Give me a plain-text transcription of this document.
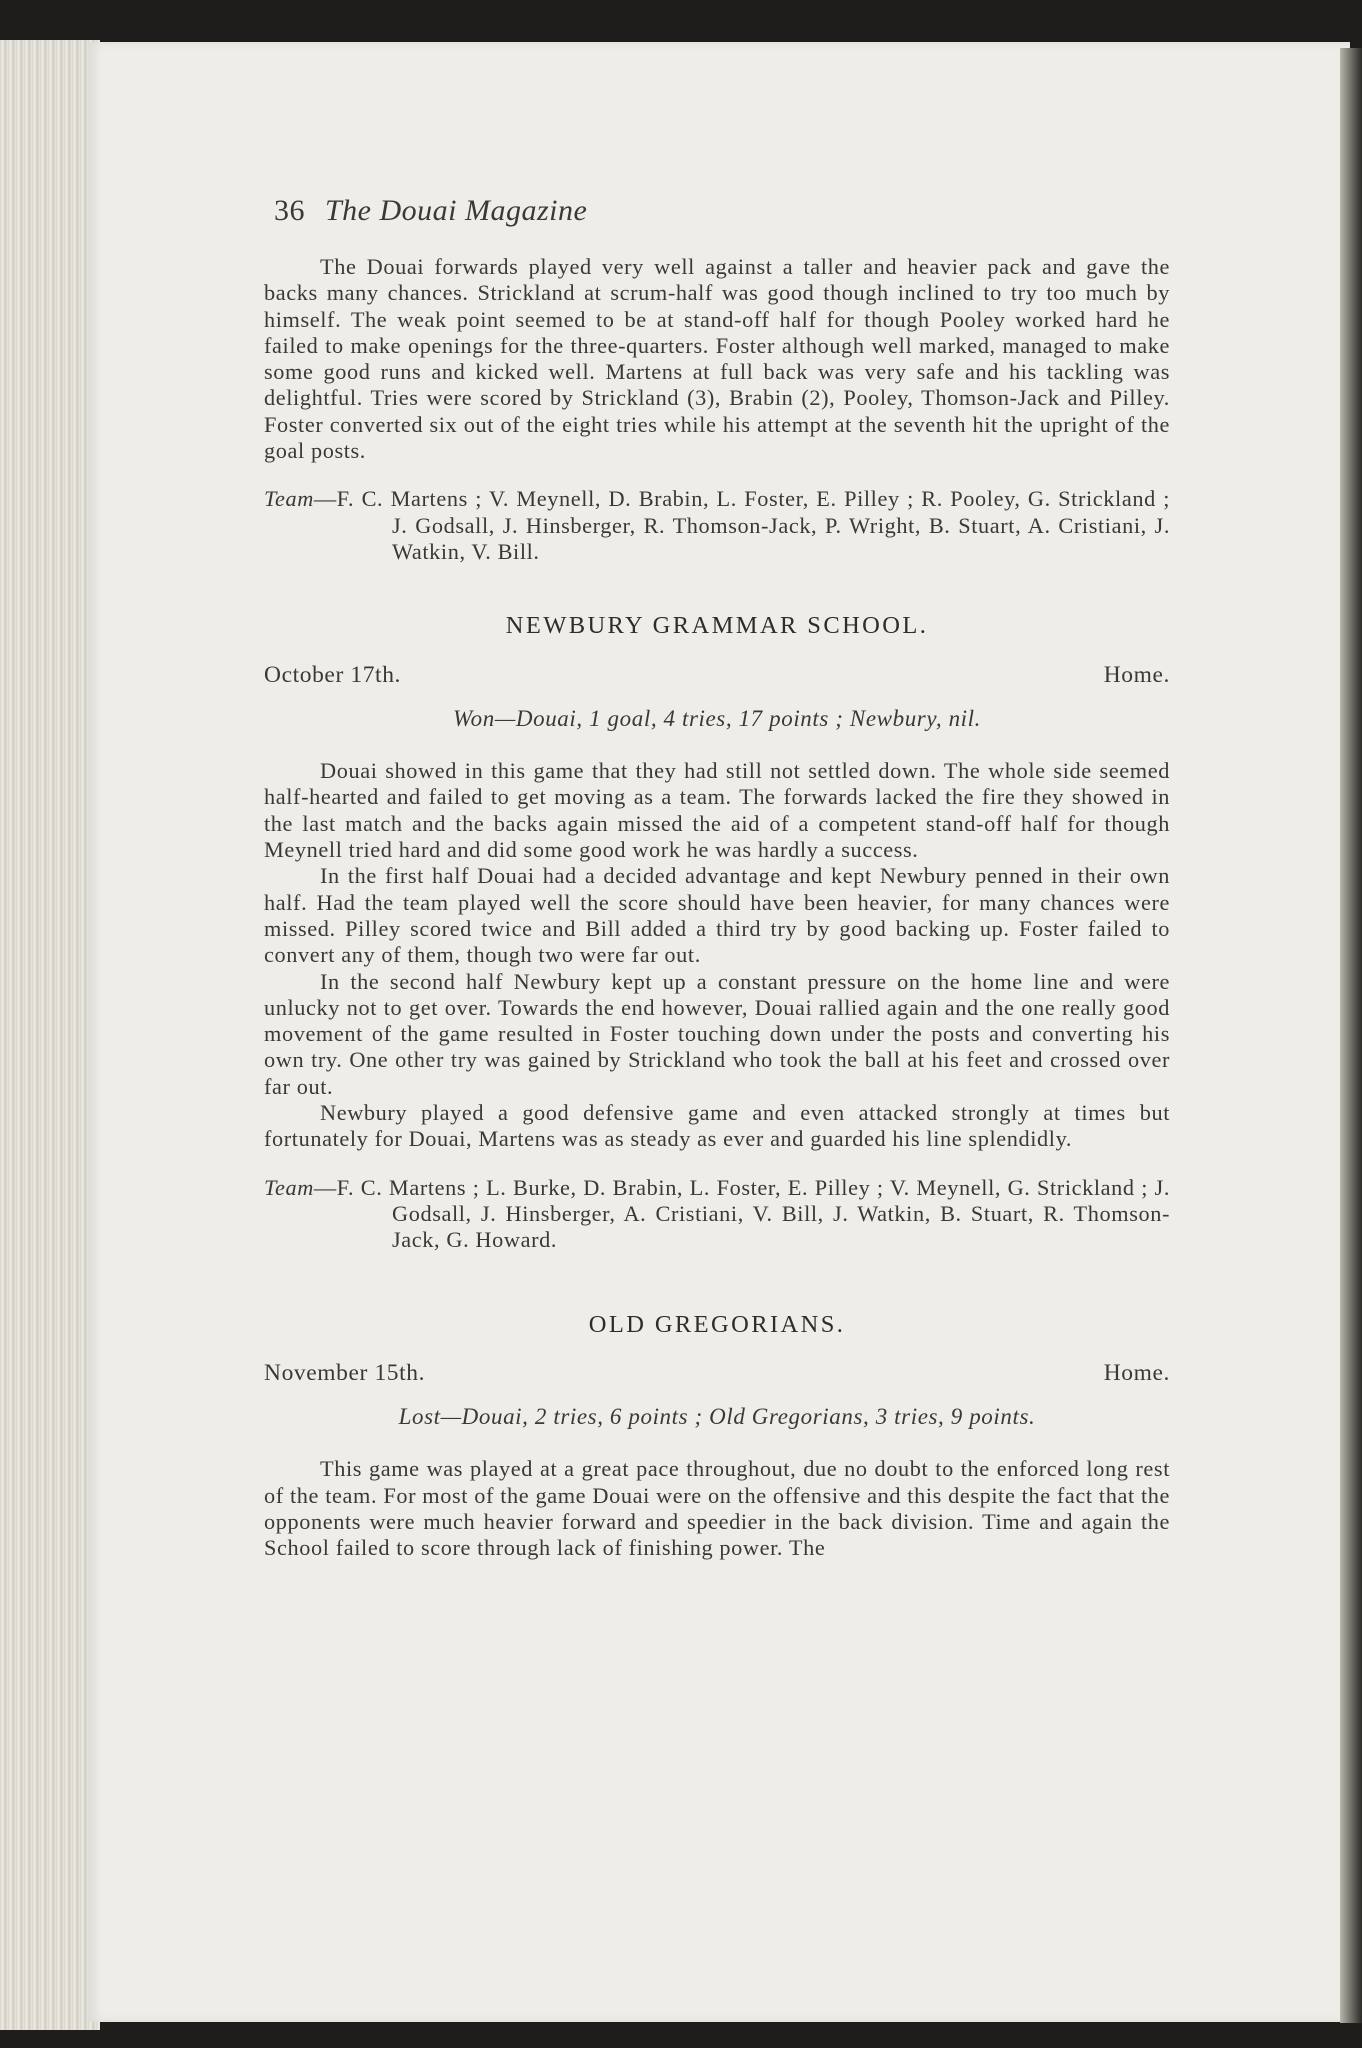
36 The Douai Magazine

The Douai forwards played very well against a taller and heavier pack and gave the backs many chances. Strickland at scrum-half was good though inclined to try too much by himself. The weak point seemed to be at stand-off half for though Pooley worked hard he failed to make openings for the three-quarters. Foster although well marked, managed to make some good runs and kicked well. Martens at full back was very safe and his tackling was delightful. Tries were scored by Strickland (3), Brabin (2), Pooley, Thomson-Jack and Pilley. Foster converted six out of the eight tries while his attempt at the seventh hit the upright of the goal posts.

Team—F. C. Martens ; V. Meynell, D. Brabin, L. Foster, E. Pilley ; R. Pooley, G. Strickland ; J. Godsall, J. Hinsberger, R. Thomson-Jack, P. Wright, B. Stuart, A. Cristiani, J. Watkin, V. Bill.
NEWBURY GRAMMAR SCHOOL.
October 17th.	Home.
Won—Douai, 1 goal, 4 tries, 17 points ; Newbury, nil.

Douai showed in this game that they had still not settled down. The whole side seemed half-hearted and failed to get moving as a team. The forwards lacked the fire they showed in the last match and the backs again missed the aid of a competent stand-off half for though Meynell tried hard and did some good work he was hardly a success.

In the first half Douai had a decided advantage and kept Newbury penned in their own half. Had the team played well the score should have been heavier, for many chances were missed. Pilley scored twice and Bill added a third try by good backing up. Foster failed to convert any of them, though two were far out.

In the second half Newbury kept up a constant pressure on the home line and were unlucky not to get over. Towards the end however, Douai rallied again and the one really good movement of the game resulted in Foster touching down under the posts and converting his own try. One other try was gained by Strickland who took the ball at his feet and crossed over far out.

Newbury played a good defensive game and even attacked strongly at times but fortunately for Douai, Martens was as steady as ever and guarded his line splendidly.

Team—F. C. Martens ; L. Burke, D. Brabin, L. Foster, E. Pilley ; V. Meynell, G. Strickland ; J. Godsall, J. Hinsberger, A. Cristiani, V. Bill, J. Watkin, B. Stuart, R. Thomson-Jack, G. Howard.
OLD GREGORIANS.
November 15th.	Home.
Lost—Douai, 2 tries, 6 points ; Old Gregorians, 3 tries, 9 points.

This game was played at a great pace throughout, due no doubt to the enforced long rest of the team. For most of the game Douai were on the offensive and this despite the fact that the opponents were much heavier forward and speedier in the back division. Time and again the School failed to score through lack of finishing power. The
